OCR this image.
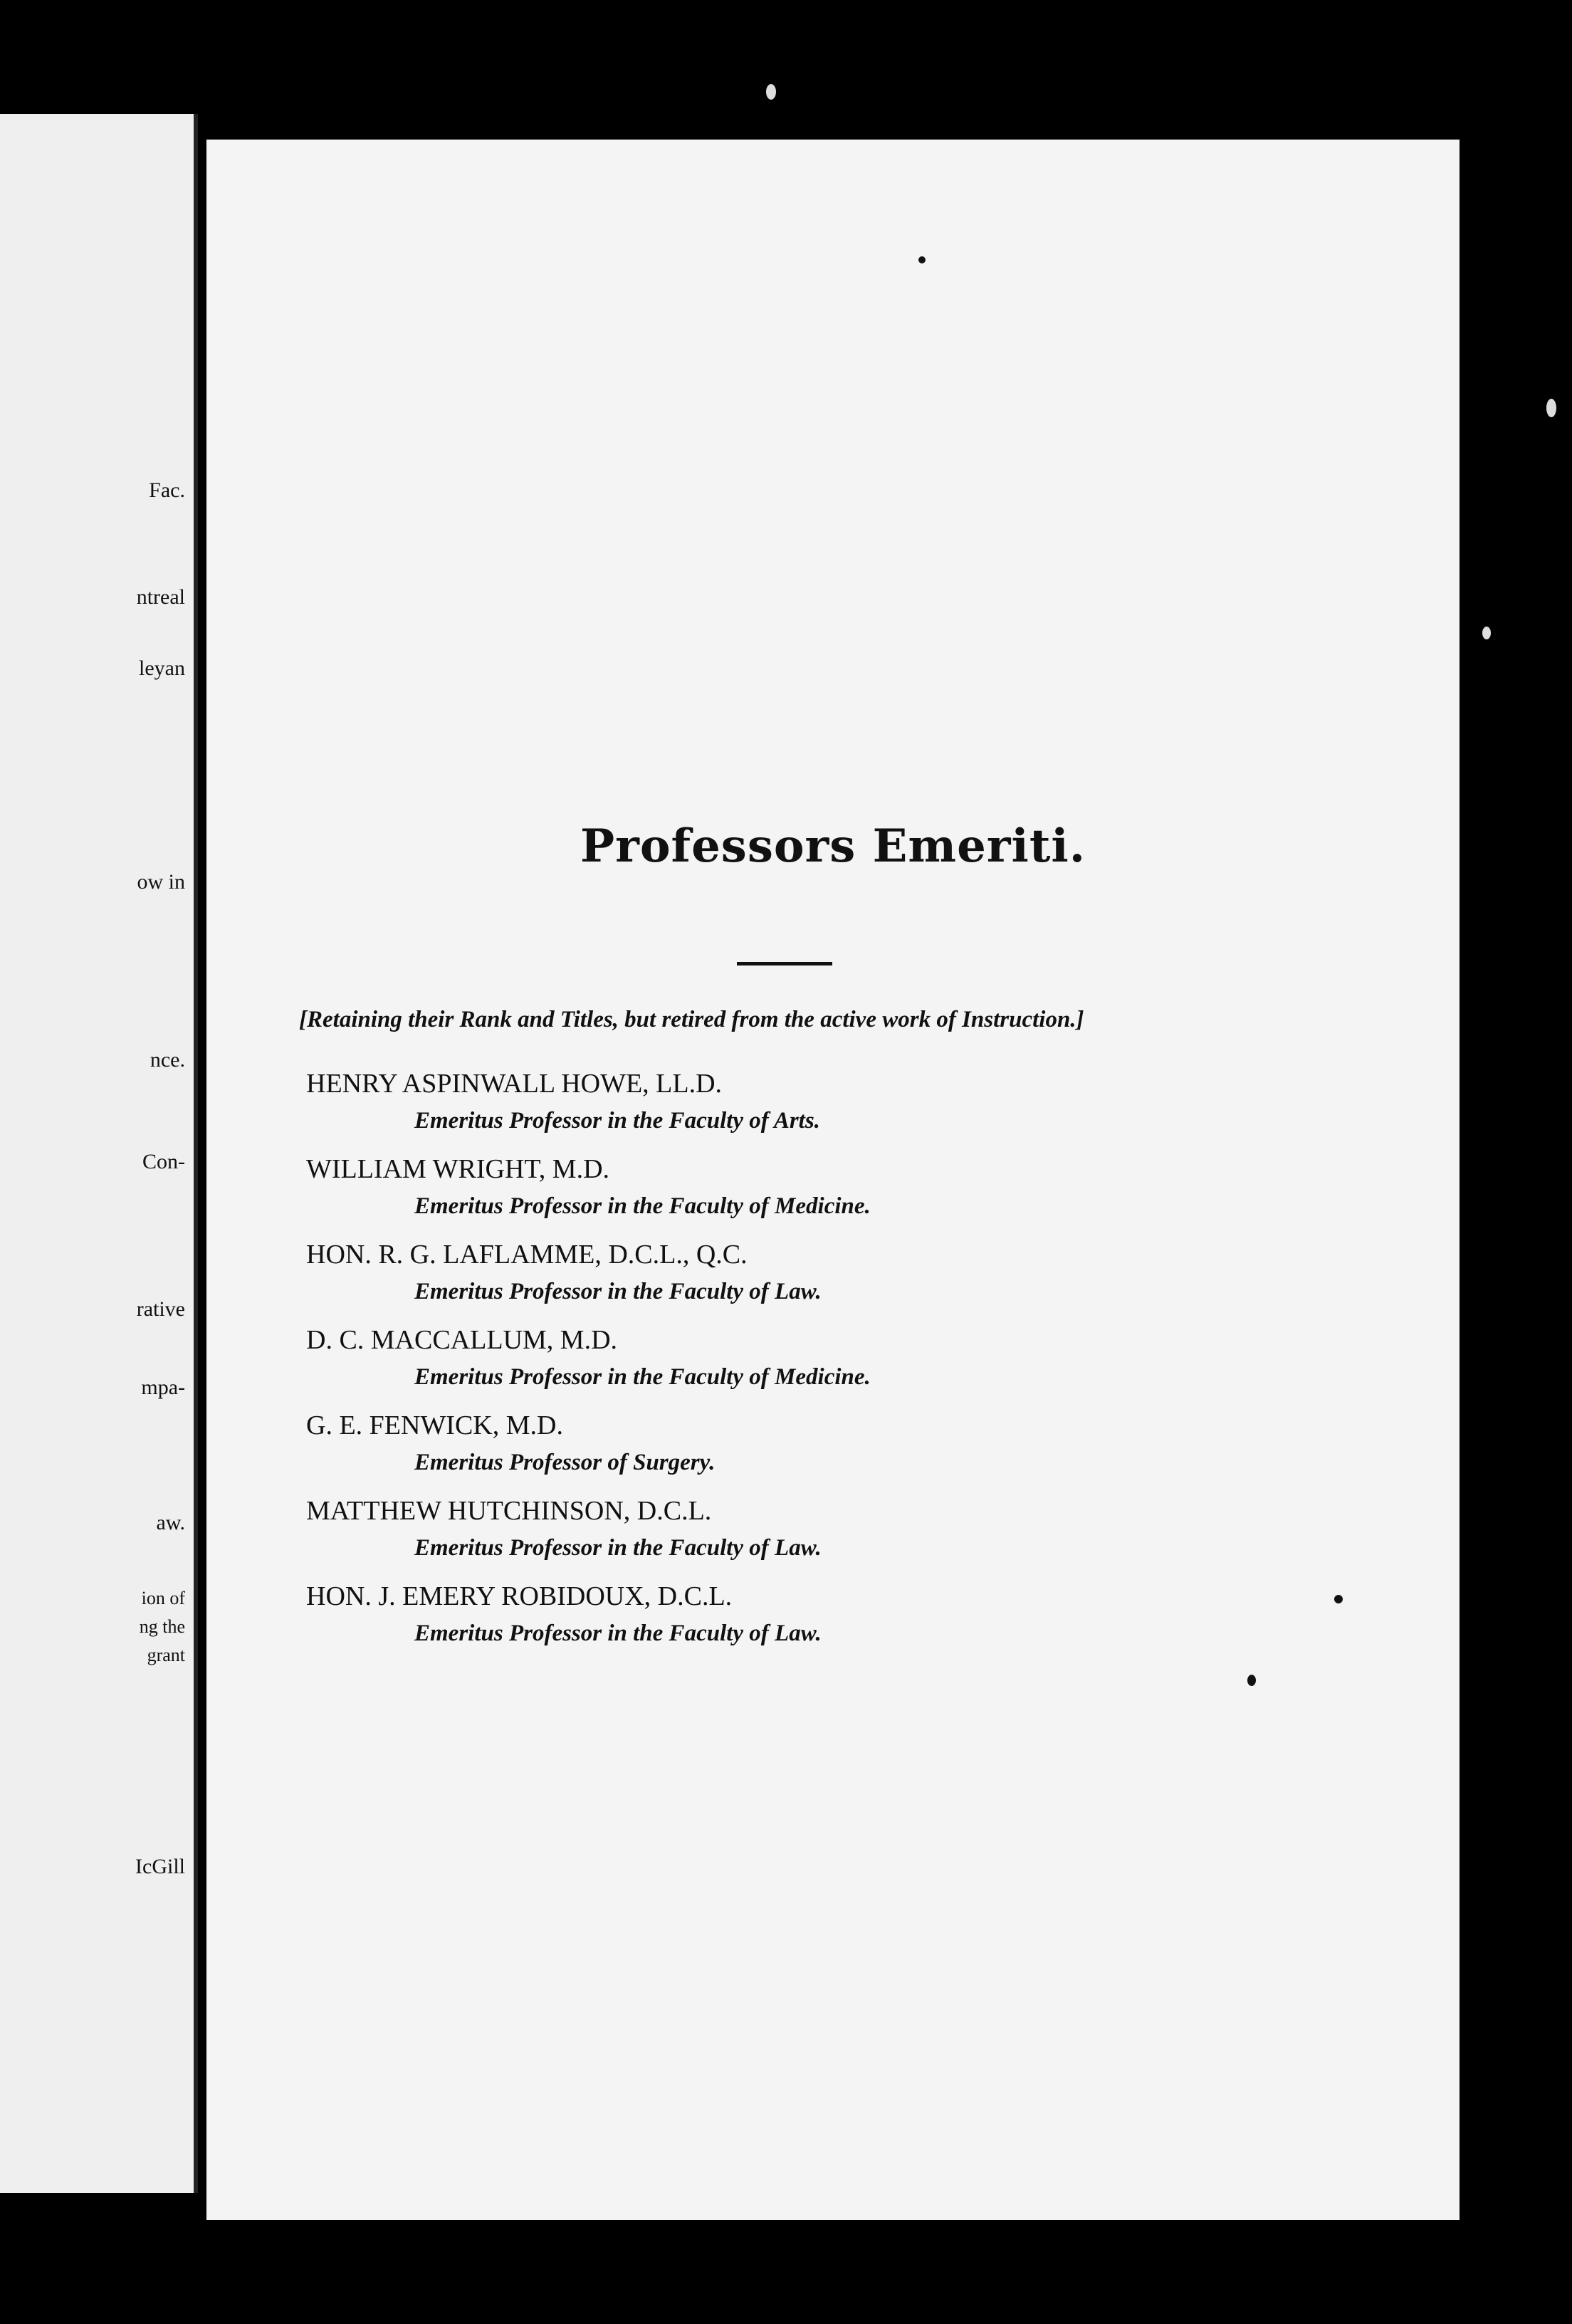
Fac.
ntreal
leyan
ow in
nce.
Con-
rative
mpa-
aw.
ion of
ng the
grant
IcGill
Professors Emeriti.
[Retaining their Rank and Titles, but retired from the active work of Instruction.]
HENRY ASPINWALL HOWE, LL.D.
Emeritus Professor in the Faculty of Arts.
WILLIAM WRIGHT, M.D.
Emeritus Professor in the Faculty of Medicine.
HON. R. G. LAFLAMME, D.C.L., Q.C.
Emeritus Professor in the Faculty of Law.
D. C. MACCALLUM, M.D.
Emeritus Professor in the Faculty of Medicine.
G. E. FENWICK, M.D.
Emeritus Professor of Surgery.
MATTHEW HUTCHINSON, D.C.L.
Emeritus Professor in the Faculty of Law.
HON. J. EMERY ROBIDOUX, D.C.L.
Emeritus Professor in the Faculty of Law.
